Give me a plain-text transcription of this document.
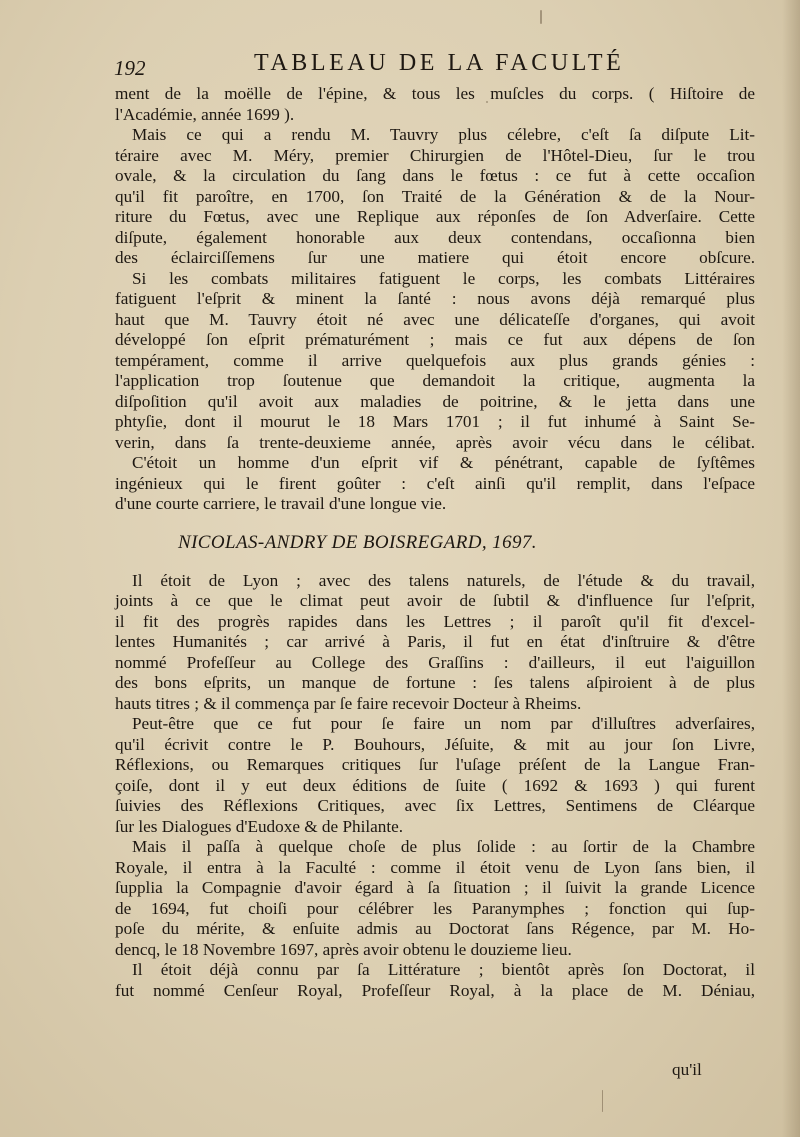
192	TABLEAU DE LA FACULTÉ
ment de la moëlle de l'épine, & tous les muſcles du corps. ( Hiſtoire de
l'Académie, année 1699 ).
Mais ce qui a rendu M. Tauvry plus célebre, c'eſt ſa diſpute Lit-
téraire avec M. Méry, premier Chirurgien de l'Hôtel-Dieu, ſur le trou
ovale, & la circulation du ſang dans le fœtus : ce fut à cette occaſion
qu'il fit paroître, en 1700, ſon Traité de la Génération & de la Nour-
riture du Fœtus, avec une Replique aux réponſes de ſon Adverſaire. Cette
diſpute, également honorable aux deux contendans, occaſionna bien
des éclairciſſemens ſur une matiere qui étoit encore obſcure.
Si les combats militaires fatiguent le corps, les combats Littéraires
fatiguent l'eſprit & minent la ſanté : nous avons déjà remarqué plus
haut que M. Tauvry étoit né avec une délicateſſe d'organes, qui avoit
développé ſon eſprit prématurément ; mais ce fut aux dépens de ſon
tempérament, comme il arrive quelquefois aux plus grands génies :
l'application trop ſoutenue que demandoit la critique, augmenta la
diſpoſition qu'il avoit aux maladies de poitrine, & le jetta dans une
phtyſie, dont il mourut le 18 Mars 1701 ; il fut inhumé à Saint Se-
verin, dans ſa trente-deuxieme année, après avoir vécu dans le célibat.
C'étoit un homme d'un eſprit vif & pénétrant, capable de ſyſtêmes
ingénieux qui le firent goûter : c'eſt ainſi qu'il remplit, dans l'eſpace
d'une courte carriere, le travail d'une longue vie.
NICOLAS-ANDRY DE BOISREGARD, 1697.
Il étoit de Lyon ; avec des talens naturels, de l'étude & du travail,
joints à ce que le climat peut avoir de ſubtil & d'influence ſur l'eſprit,
il fit des progrès rapides dans les Lettres ; il paroît qu'il fit d'excel-
lentes Humanités ; car arrivé à Paris, il fut en état d'inſtruire & d'être
nommé Profeſſeur au College des Graſſins : d'ailleurs, il eut l'aiguillon
des bons eſprits, un manque de fortune : ſes talens aſpiroient à de plus
hauts titres ; & il commença par ſe faire recevoir Docteur à Rheims.
Peut-être que ce fut pour ſe faire un nom par d'illuſtres adverſaires,
qu'il écrivit contre le P. Bouhours, Jéſuite, & mit au jour ſon Livre,
Réflexions, ou Remarques critiques ſur l'uſage préſent de la Langue Fran-
çoiſe, dont il y eut deux éditions de ſuite ( 1692 & 1693 ) qui furent
ſuivies des Réflexions Critiques, avec ſix Lettres, Sentimens de Cléarque
ſur les Dialogues d'Eudoxe & de Philante.
Mais il paſſa à quelque choſe de plus ſolide : au ſortir de la Chambre
Royale, il entra à la Faculté : comme il étoit venu de Lyon ſans bien, il
ſupplia la Compagnie d'avoir égard à ſa ſituation ; il ſuivit la grande Licence
de 1694, fut choiſi pour célébrer les Paranymphes ; fonction qui ſup-
poſe du mérite, & enſuite admis au Doctorat ſans Régence, par M. Ho-
dencq, le 18 Novembre 1697, après avoir obtenu le douzieme lieu.
Il étoit déjà connu par ſa Littérature ; bientôt après ſon Doctorat, il
fut nommé Cenſeur Royal, Profeſſeur Royal, à la place de M. Déniau,
qu'il
